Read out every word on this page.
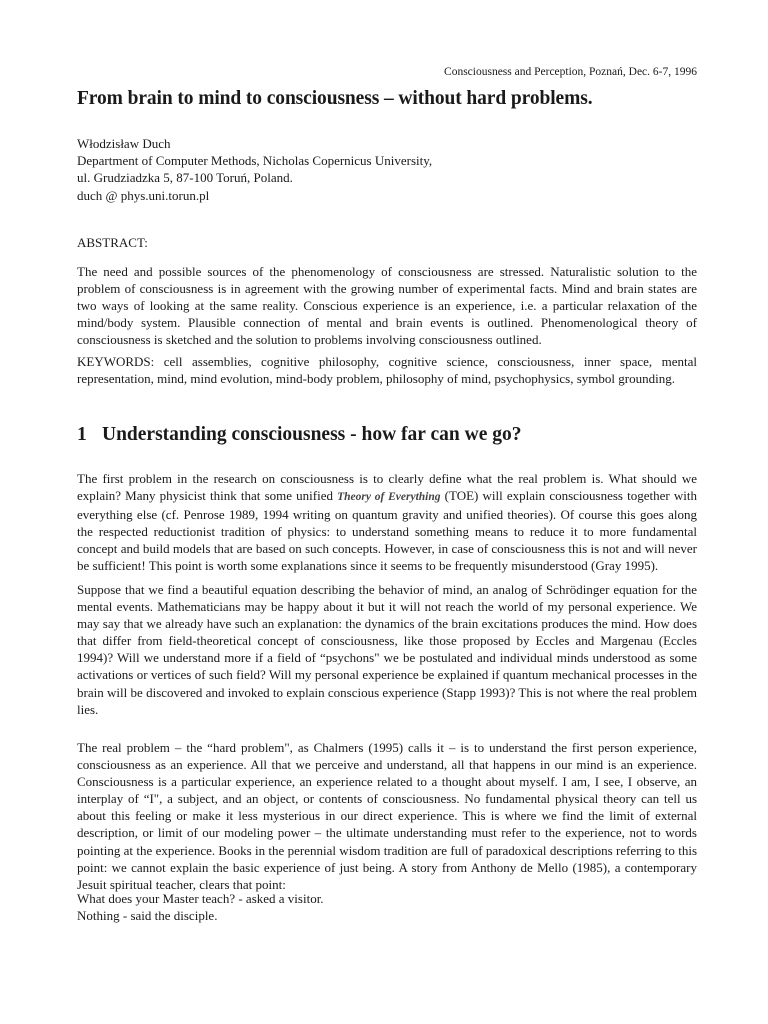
Consciousness and Perception, Poznań, Dec. 6-7, 1996
From brain to mind to consciousness – without hard problems.
Włodzisław Duch
Department of Computer Methods, Nicholas Copernicus University,
ul. Grudziadzka 5, 87-100 Toruń, Poland.
duch @ phys.uni.torun.pl
ABSTRACT:

The need and possible sources of the phenomenology of consciousness are stressed. Naturalistic solution to the problem of consciousness is in agreement with the growing number of experimental facts. Mind and brain states are two ways of looking at the same reality. Conscious experience is an experience, i.e. a particular relaxation of the mind/body system. Plausible connection of mental and brain events is outlined. Phenomenological theory of consciousness is sketched and the solution to problems involving consciousness outlined.

KEYWORDS: cell assemblies, cognitive philosophy, cognitive science, consciousness, inner space, mental representation, mind, mind evolution, mind-body problem, philosophy of mind, psychophysics, symbol grounding.

1 Understanding consciousness - how far can we go?

The first problem in the research on consciousness is to clearly define what the real problem is. What should we explain? Many physicist think that some unified Theory of Everything (TOE) will explain consciousness together with everything else (cf. Penrose 1989, 1994 writing on quantum gravity and unified theories). Of course this goes along the respected reductionist tradition of physics: to understand something means to reduce it to more fundamental concept and build models that are based on such concepts. However, in case of consciousness this is not and will never be sufficient! This point is worth some explanations since it seems to be frequently misunderstood (Gray 1995).

Suppose that we find a beautiful equation describing the behavior of mind, an analog of Schrödinger equation for the mental events. Mathematicians may be happy about it but it will not reach the world of my personal experience. We may say that we already have such an explanation: the dynamics of the brain excitations produces the mind. How does that differ from field-theoretical concept of consciousness, like those proposed by Eccles and Margenau (Eccles 1994)? Will we understand more if a field of “psychons" we be postulated and individual minds understood as some activations or vertices of such field? Will my personal experience be explained if quantum mechanical processes in the brain will be discovered and invoked to explain conscious experience (Stapp 1993)? This is not where the real problem lies.

The real problem – the “hard problem", as Chalmers (1995) calls it – is to understand the first person experience, consciousness as an experience. All that we perceive and understand, all that happens in our mind is an experience. Consciousness is a particular experience, an experience related to a thought about myself. I am, I see, I observe, an interplay of “I", a subject, and an object, or contents of consciousness. No fundamental physical theory can tell us about this feeling or make it less mysterious in our direct experience. This is where we find the limit of external description, or limit of our modeling power – the ultimate understanding must refer to the experience, not to words pointing at the experience. Books in the perennial wisdom tradition are full of paradoxical descriptions referring to this point: we cannot explain the basic experience of just being. A story from Anthony de Mello (1985), a contemporary Jesuit spiritual teacher, clears that point:

What does your Master teach? - asked a visitor.
Nothing - said the disciple.
